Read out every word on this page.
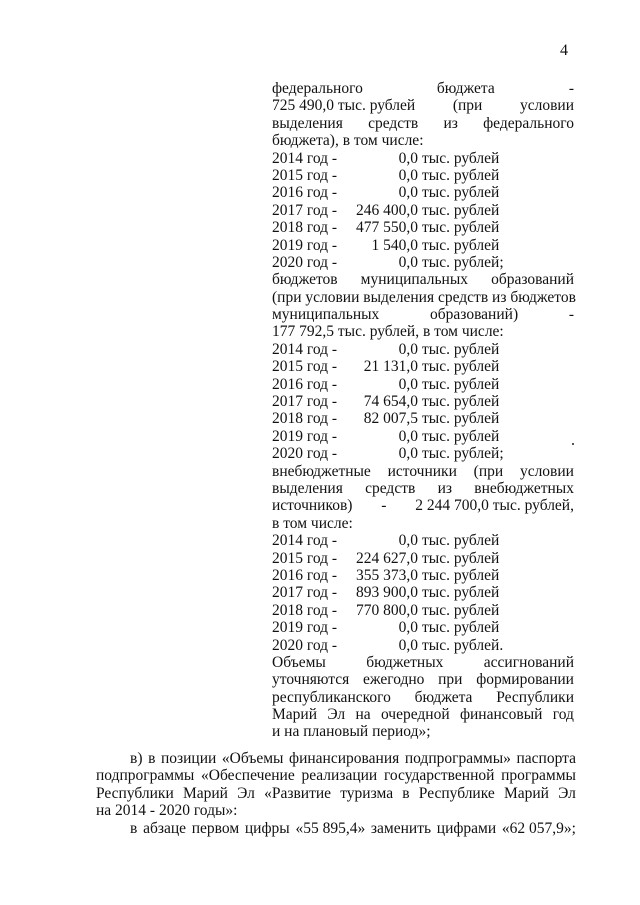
4
федерального	бюджета	-
725 490,0 тыс. рублей (при условии
выделения средств из федерального
бюджета), в том числе:
2014 год -	0,0 тыс. рублей
2015 год -	0,0 тыс. рублей
2016 год -	0,0 тыс. рублей
2017 год -	246 400,0 тыс. рублей
2018 год -	477 550,0 тыс. рублей
2019 год -	1 540,0 тыс. рублей
2020 год -	0,0 тыс. рублей;
бюджетов муниципальных образований
(при условии выделения средств из бюджетов
муниципальных	образований)	-
177 792,5 тыс. рублей, в том числе:
2014 год -	0,0 тыс. рублей
2015 год -	21 131,0 тыс. рублей
2016 год -	0,0 тыс. рублей
2017 год -	74 654,0 тыс. рублей
2018 год -	82 007,5 тыс. рублей
2019 год -	0,0 тыс. рублей
2020 год -	0,0 тыс. рублей;
внебюджетные источники (при условии
выделения средств из внебюджетных
источников) - 2 244 700,0 тыс. рублей,
в том числе:
2014 год -	0,0 тыс. рублей
2015 год -	224 627,0 тыс. рублей
2016 год -	355 373,0 тыс. рублей
2017 год -	893 900,0 тыс. рублей
2018 год -	770 800,0 тыс. рублей
2019 год -	0,0 тыс. рублей
2020 год -	0,0 тыс. рублей.
Объемы	бюджетных	ассигнований
уточняются ежегодно при формировании
республиканского бюджета Республики
Марий Эл на очередной финансовый год
и на плановый период»;
в) в позиции «Объемы финансирования подпрограммы» паспорта
подпрограммы «Обеспечение реализации государственной программы
Республики Марий Эл «Развитие туризма в Республике Марий Эл
на 2014 - 2020 годы»:
в абзаце первом цифры «55 895,4» заменить цифрами «62 057,9»;
